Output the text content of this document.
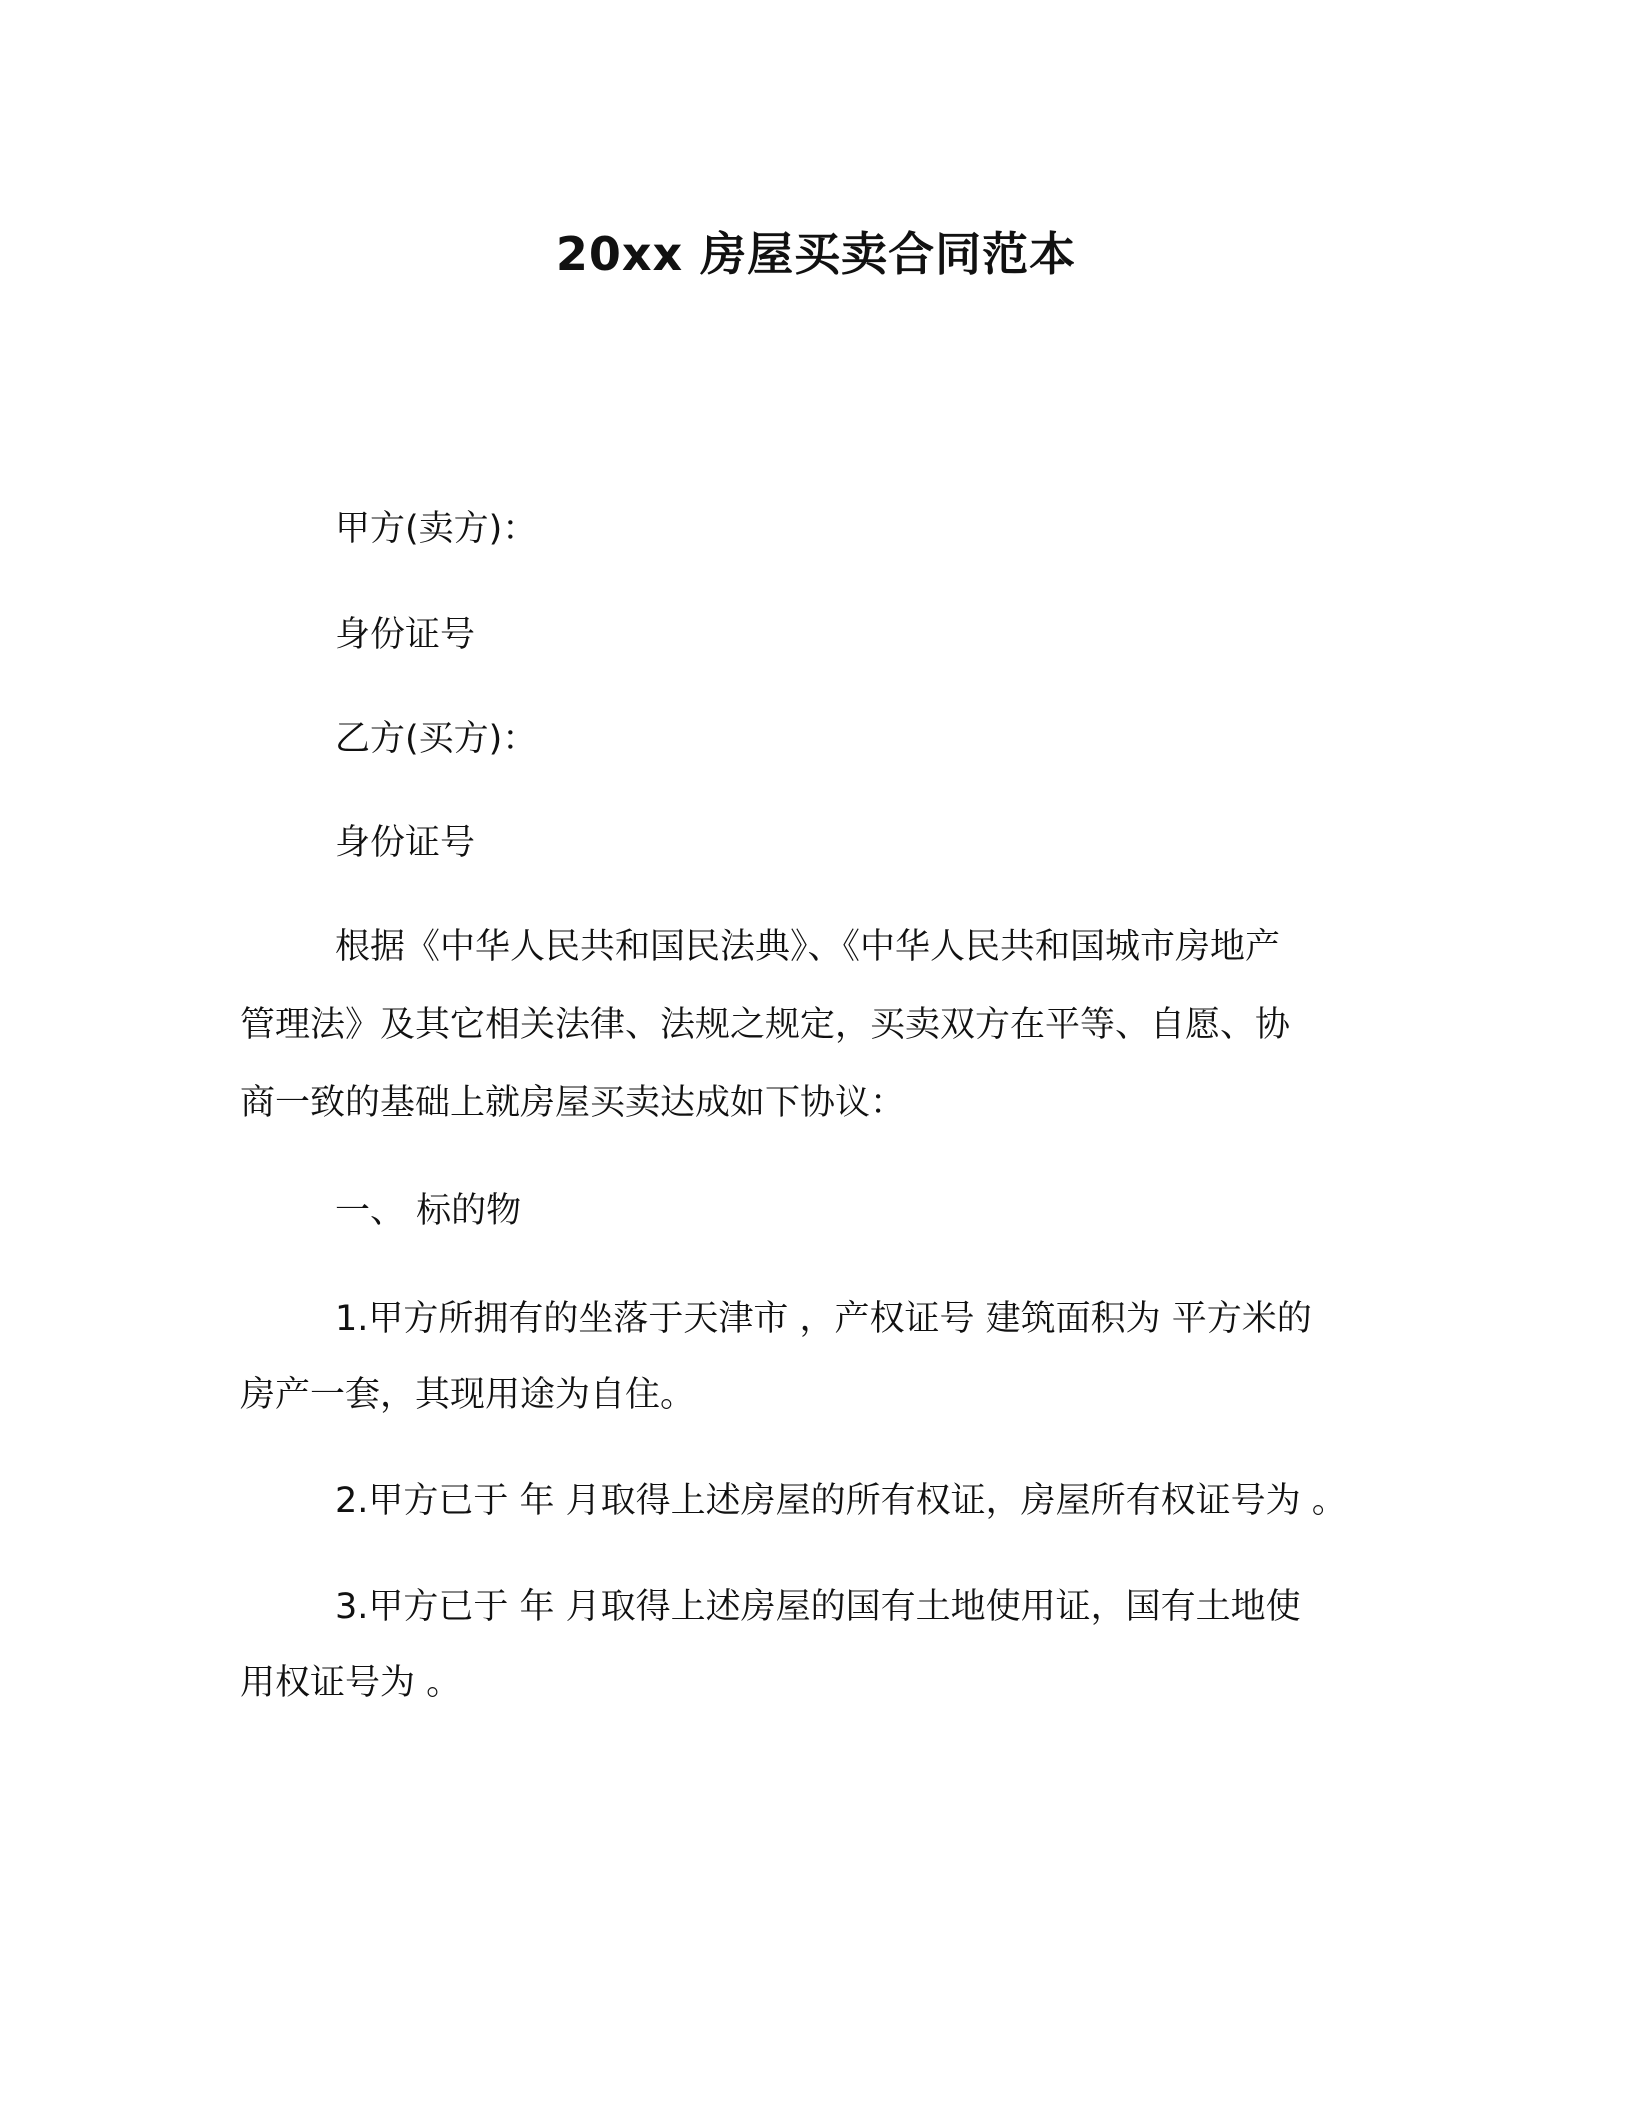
20xx 房屋买卖合同范本
甲方(卖方)：
身份证号
乙方(买方)：
身份证号
根据《中华人民共和国民法典》、《中华人民共和国城市房地产
管理法》及其它相关法律、法规之规定，买卖双方在平等、自愿、协
商一致的基础上就房屋买卖达成如下协议：
一、 标的物
1.甲方所拥有的坐落于天津市 ，产权证号 建筑面积为 平方米的
房产一套，其现用途为自住。
2.甲方已于 年 月取得上述房屋的所有权证，房屋所有权证号为 。
3.甲方已于 年 月取得上述房屋的国有土地使用证，国有土地使
用权证号为 。
